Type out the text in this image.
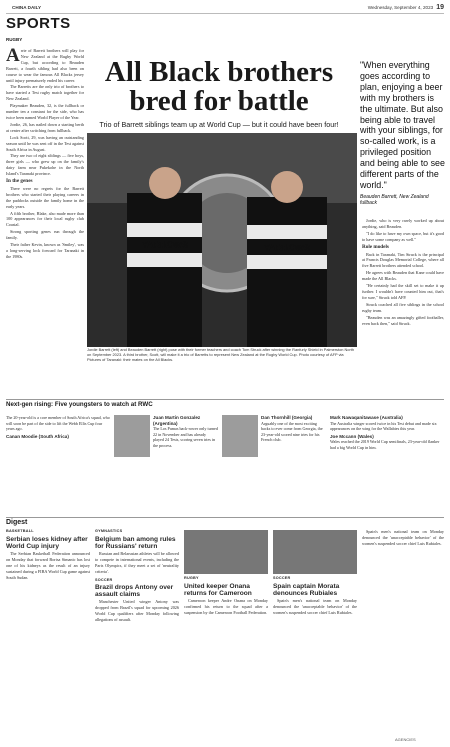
CHINA DAILY	Wednesday, September 4, 2023 19
SPORTS
RUGBY

Arrie of Barrett brothers will play for New Zealand at the Rugby World Cup, but according to Beauden Barrett, a fourth sibling had also been on course to wear the famous All Blacks jersey until injury prematurely ended his career.

The Barretts are the only trio of brothers to have started a Test rugby match together for New Zealand.

Playmaker Beauden, 32, is the fullback or number ten a constant for the side, who has twice been named World Player of the Year.

Jordie, 26, has nailed down a starting berth at center after switching from fullback.

Lock Scott, 29, was having an outstanding season until he was sent off in the Test against South Africa in August.

They are two of eight siblings — five boys, three girls — who grew up on the family's dairy farm near Pukekohe in the North Island's Taranaki province.

In the genes

There were no regrets for the Barrett brothers who started their playing careers in the paddocks outside the family home in the early years.

A fifth brother, Blake, also made more than 100 appearances for their local rugby club Coastal.

Strong sporting genes run through the family.

Their father Kevin, known as 'Smiley', was a long-serving lock forward for Taranaki in the 1980s.

All Black brothers bred for battle
Trio of Barrett siblings team up at World Cup — but it could have been four!
"When everything goes according to plan, enjoying a beer with my brothers is the ultimate. But also being able to travel with your siblings, for so-called work, is a privileged position and being able to see different parts of the world."
Beauden Barrett, New Zealand fullback
YARROWS	YARROWS
Jordie Barrett (left) and Beauden Barrett (right) pose with their former teachers and coach Tom Struck after winning the Ranfurly Shield in Palmerston North on September 2023. A third brother, Scott, will make it a trio of Barretts to represent New Zealand at the Rugby World Cup. Photo courtesy of AFP via Pictures of Taranaki: their mates on the All Blacks.

Jordie, who is very rarely worked up about anything, said Beauden.

"I do like to have my own space, but it's good to have some company as well."

Role models

Back in Taranaki, Tim Struck is the principal at Francis Douglas Memorial College, where all five Barrett brothers attended school.

He agrees with Beauden that Kane could have made the All Blacks.

"He certainly had the skill set to make it up further. I wouldn't have counted him out, that's for sure," Struck told AFP.

Struck coached all five siblings in the school rugby team.

"Beauden was an amazingly gifted footballer, even back then," said Struck.

Next-gen rising: Five youngsters to watch at RWC
The 20-year-old is a core member of South Africa's squad, who will soon be part of the side to lift the Webb Ellis Cup four years ago.
Canan Moodie (South Africa)
Juan Martin Gonzalez (Argentina)
The Los Pumas back-rower only turned 22 in November and has already played 24 Tests, scoring seven tries in the process.
Dan Thornhill (Georgia)
Arguably one of the most exciting backs to ever come from Georgia, the 23-year-old scored nine tries for his French club.
Mark Nawaqanitawase (Australia)
The Australia winger scored twice in his Test debut and made six appearances on the wing for the Wallabies this year.
Joe Mccann (Wales)
Wales reached the 2019 World Cup semifinals, 23-year-old flanker had a big World Cup in him.
Digest
BASKETBALL
Serbian loses kidney after World Cup injury

The Serbian Basketball Federation announced on Monday that forward Borisa Simanic has lost one of his kidneys as the result of an injury sustained during a FIBA World Cup game against South Sudan.

GYMNASTICS
Belgium ban among rules for Russians' return

Russian and Belarusian athletes will be allowed to compete in international events, including the Paris Olympics, if they meet a set of 'neutrality criteria'.

SOCCER
Brazil drops Antony over assault claims

Manchester United winger Antony was dropped from Brazil's squad for upcoming 2026 World Cup qualifiers after Monday following allegations of assault.

RUGBY
United keeper Onana returns for Cameroon

Cameroon keeper Andre Onana on Monday confirmed his return to the squad after a suspension by the Cameroon Football Federation.

SOCCER
Spain captain Morata denounces Rubiales

Spain's men's national team on Monday denounced the 'unacceptable behavior' of the women's suspended soccer chief Luis Rubiales.

Spain's men's national team on Monday denounced the 'unacceptable behavior' of the women's suspended soccer chief Luis Rubiales.

AGENCIES
